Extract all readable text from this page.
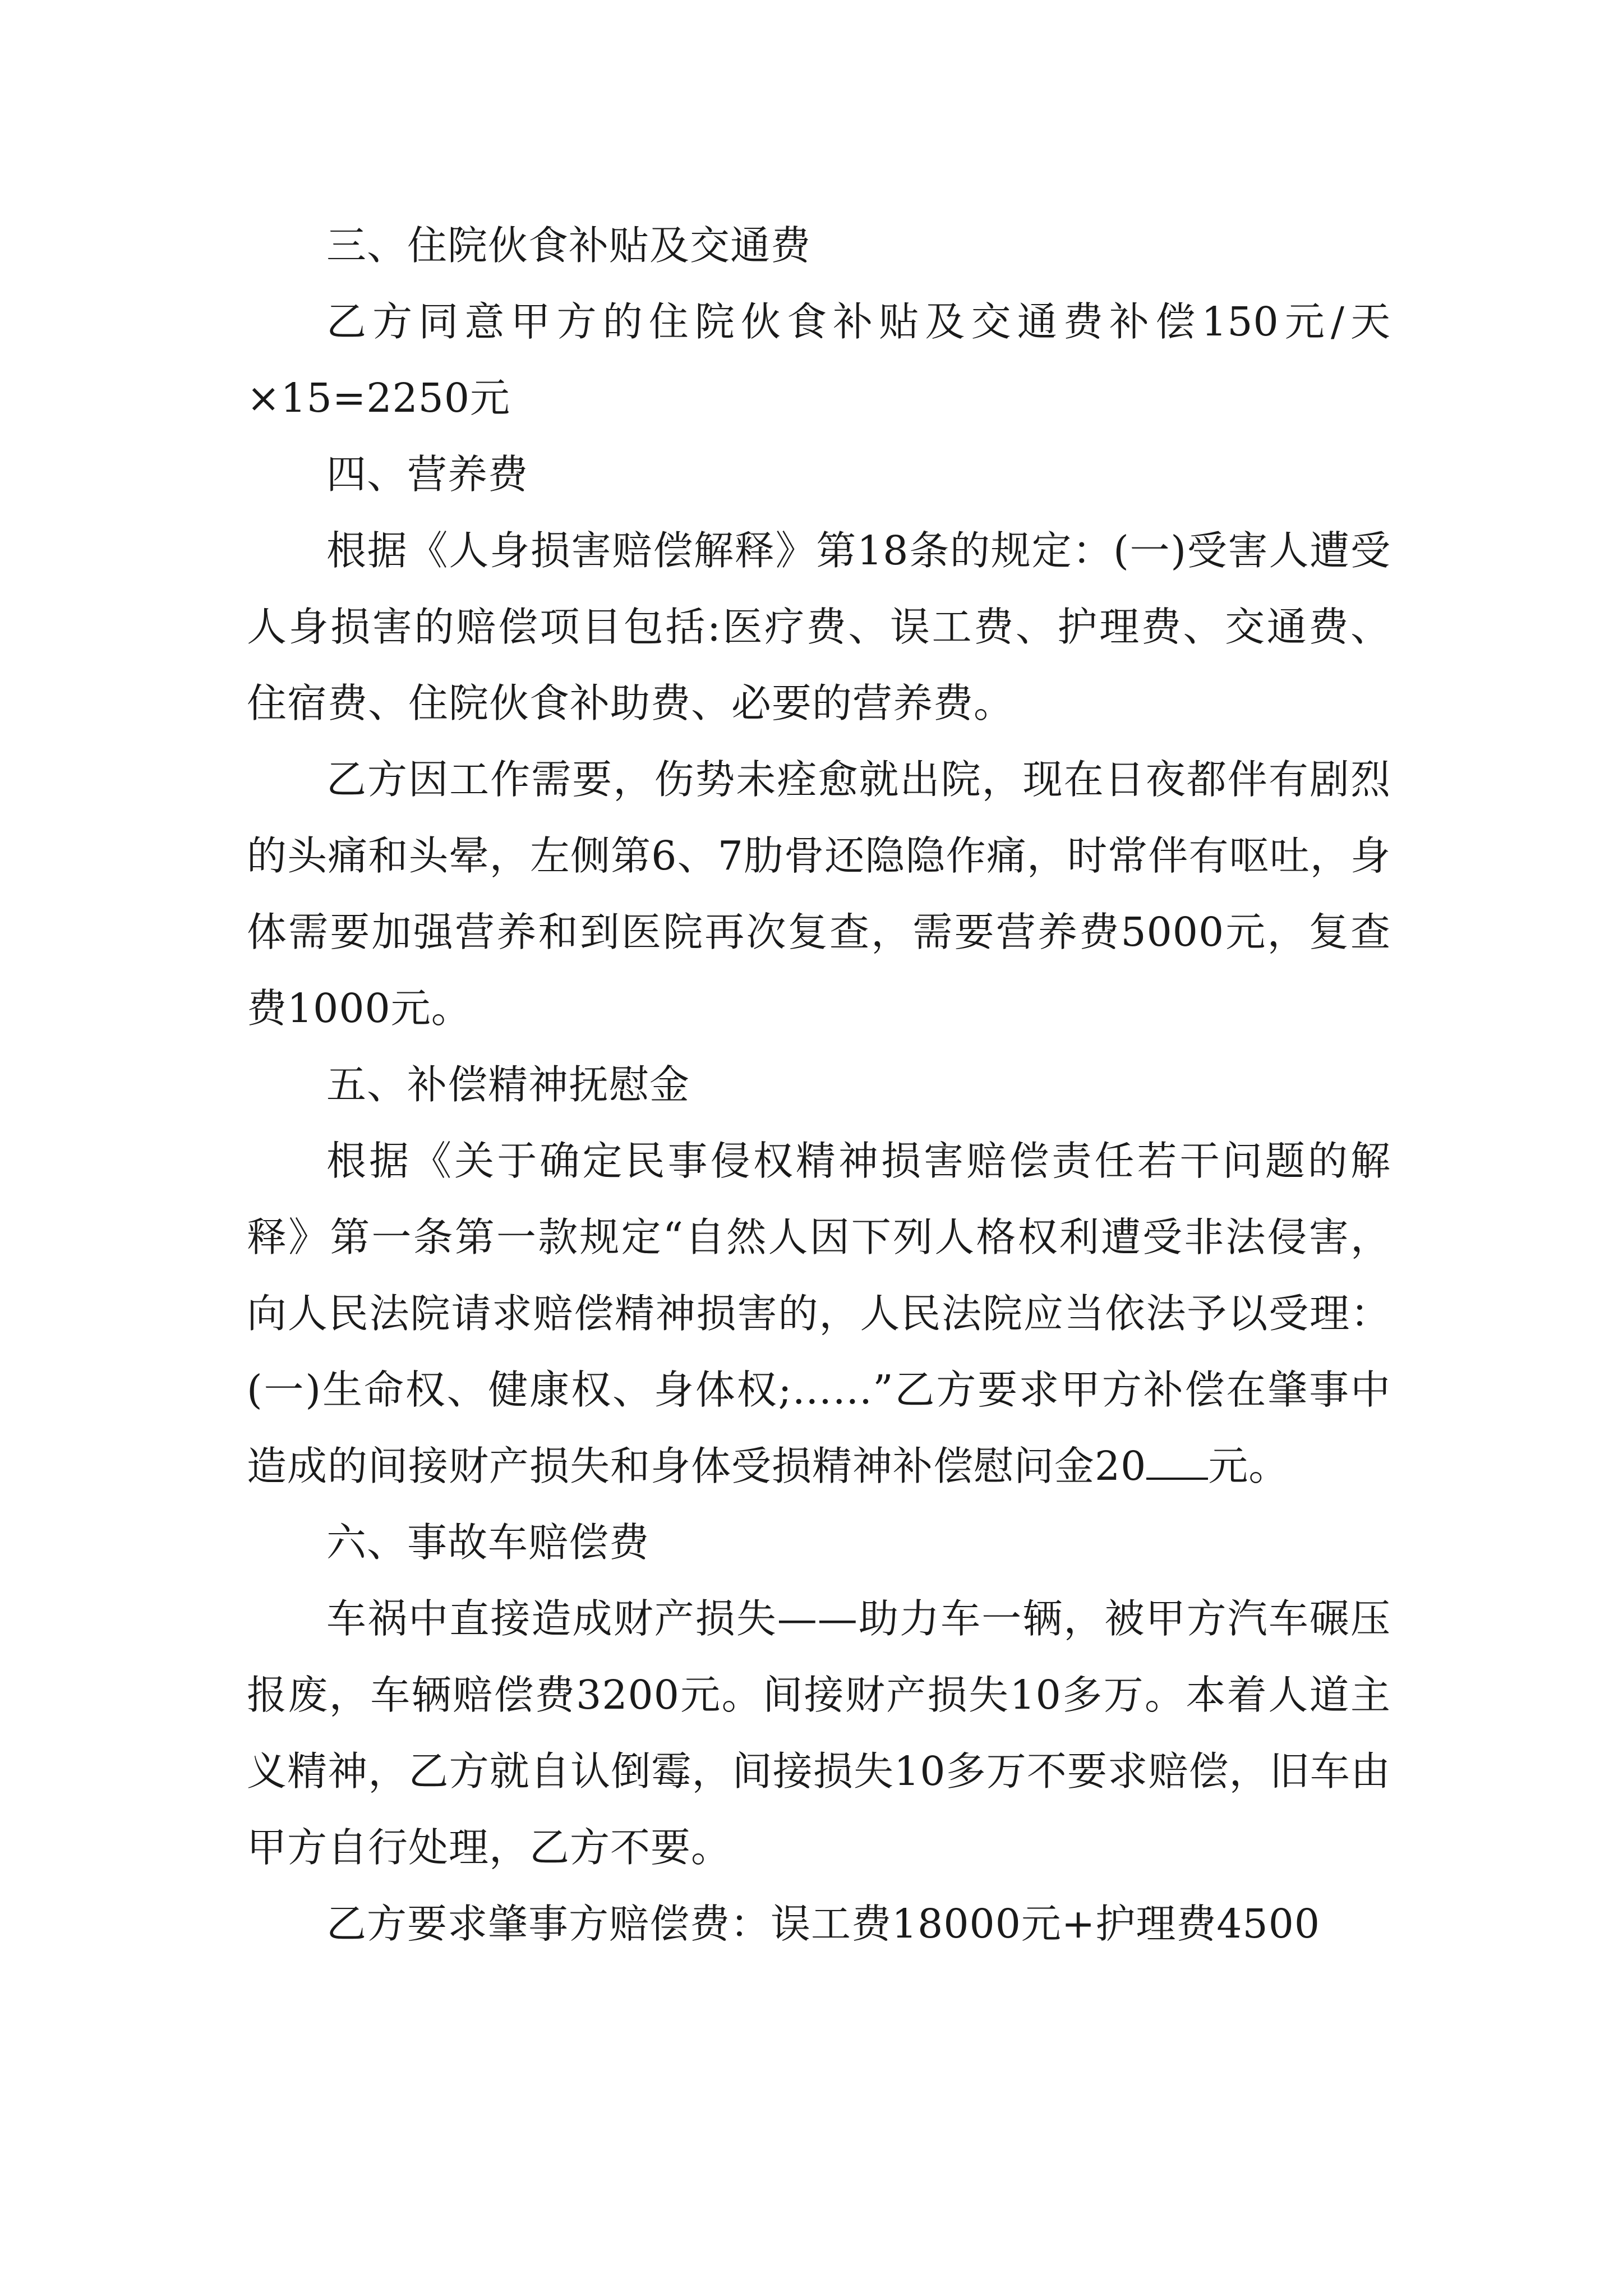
三、住院伙食补贴及交通费

乙方同意甲方的住院伙食补贴及交通费补偿150元/天×15=2250元

四、营养费

根据《人身损害赔偿解释》第18条的规定：(一)受害人遭受人身损害的赔偿项目包括:医疗费、误工费、护理费、交通费、住宿费、住院伙食补助费、必要的营养费。

乙方因工作需要，伤势未痊愈就出院，现在日夜都伴有剧烈的头痛和头晕，左侧第6、7肋骨还隐隐作痛，时常伴有呕吐，身体需要加强营养和到医院再次复查，需要营养费5000元，复查费1000元。

五、补偿精神抚慰金

根据《关于确定民事侵权精神损害赔偿责任若干问题的解释》第一条第一款规定“自然人因下列人格权利遭受非法侵害，向人民法院请求赔偿精神损害的，人民法院应当依法予以受理：(一)生命权、健康权、身体权;……”乙方要求甲方补偿在肇事中造成的间接财产损失和身体受损精神补偿慰问金20 元。

六、事故车赔偿费

车祸中直接造成财产损失——助力车一辆，被甲方汽车碾压报废，车辆赔偿费3200元。间接财产损失10多万。本着人道主义精神，乙方就自认倒霉，间接损失10多万不要求赔偿，旧车由甲方自行处理，乙方不要。

乙方要求肇事方赔偿费：误工费18000元+护理费4500
